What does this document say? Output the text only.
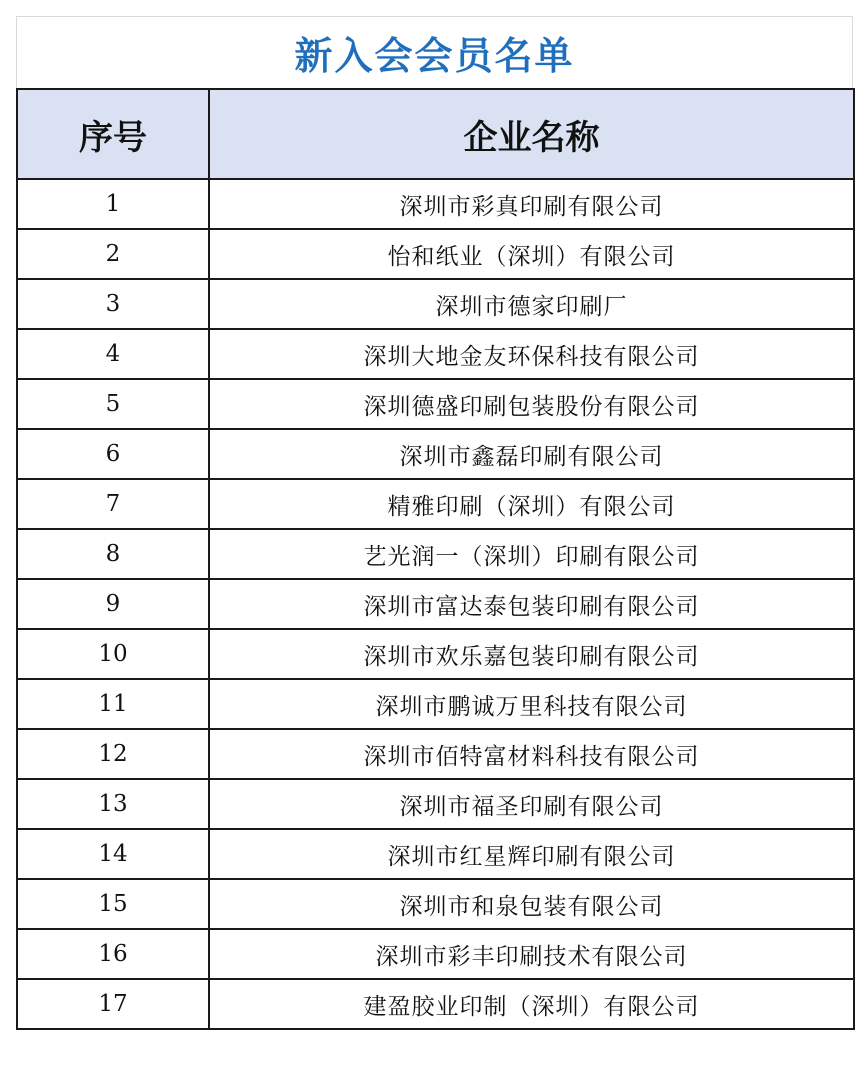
新入会会员名单
序号	企业名称
1	深圳市彩真印刷有限公司
2	怡和纸业（深圳）有限公司
3	深圳市德家印刷厂
4	深圳大地金友环保科技有限公司
5	深圳德盛印刷包装股份有限公司
6	深圳市鑫磊印刷有限公司
7	精雅印刷（深圳）有限公司
8	艺光润一（深圳）印刷有限公司
9	深圳市富达泰包装印刷有限公司
10	深圳市欢乐嘉包装印刷有限公司
11	深圳市鹏诚万里科技有限公司
12	深圳市佰特富材料科技有限公司
13	深圳市福圣印刷有限公司
14	深圳市红星辉印刷有限公司
15	深圳市和泉包装有限公司
16	深圳市彩丰印刷技术有限公司
17	建盈胶业印制（深圳）有限公司
